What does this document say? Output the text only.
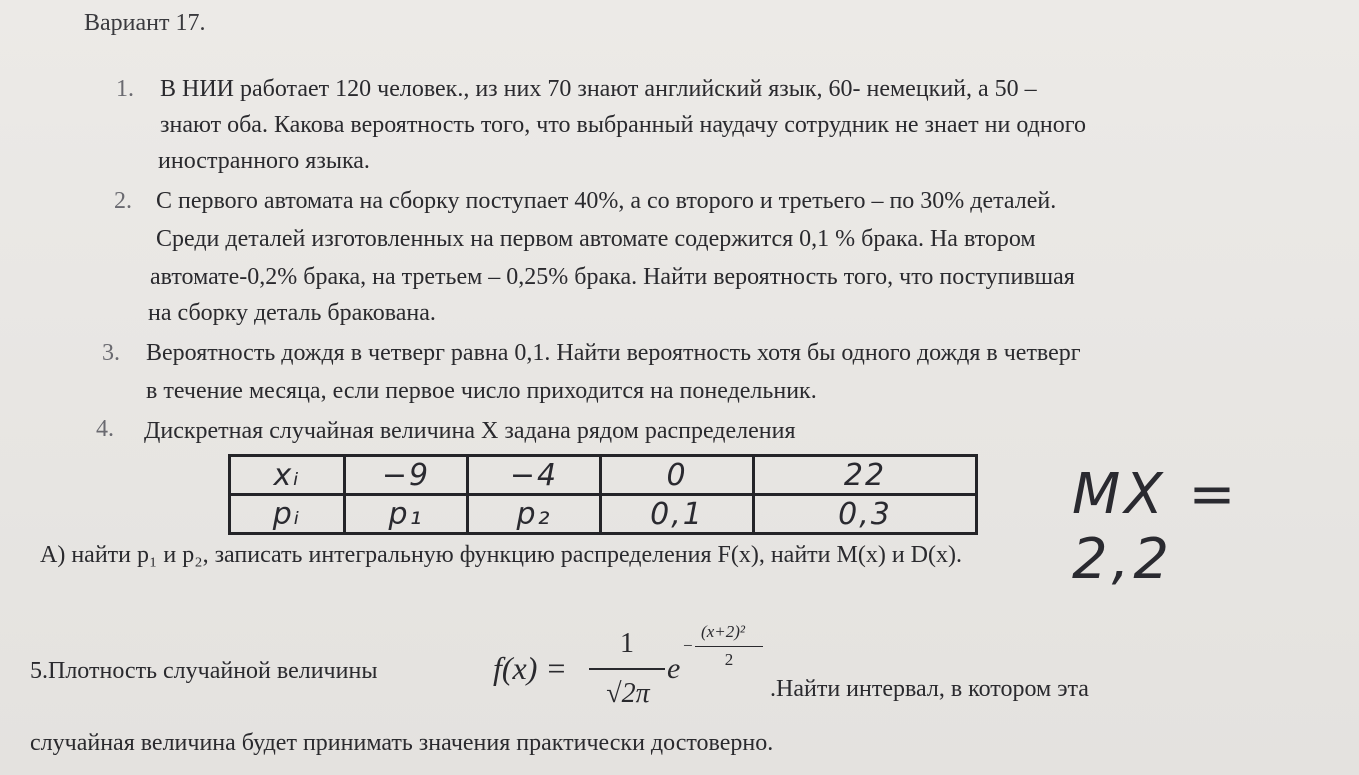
Вариант 17.
1. В НИИ работает 120 человек., из них 70 знают английский язык, 60- немецкий, а 50 –
знают оба. Какова вероятность того, что выбранный наудачу сотрудник не знает ни одного
иностранного языка.
2. С первого автомата на сборку поступает 40%, а со второго и третьего – по 30% деталей.
Среди деталей изготовленных на первом автомате содержится 0,1 % брака. На втором
автомате-0,2% брака, на третьем – 0,25% брака. Найти вероятность того, что поступившая
на сборку деталь бракована.
3. Вероятность дождя в четверг равна 0,1. Найти вероятность хотя бы одного дождя в четверг
в течение месяца, если первое число приходится на понедельник.
4. Дискретная случайная величина X задана рядом распределения
xᵢ	−9	−4	0	22
pᵢ	p₁	p₂	0,1	0,3	MX = 2,2
А) найти p₁ и p₂, записать интегральную функцию распределения F(x), найти M(x) и D(x).
5.Плотность случайной величины	f(x) =
1
√2π
e
−
(x+2)²
2
.Найти интервал, в котором эта
случайная величина будет принимать значения практически достоверно.
